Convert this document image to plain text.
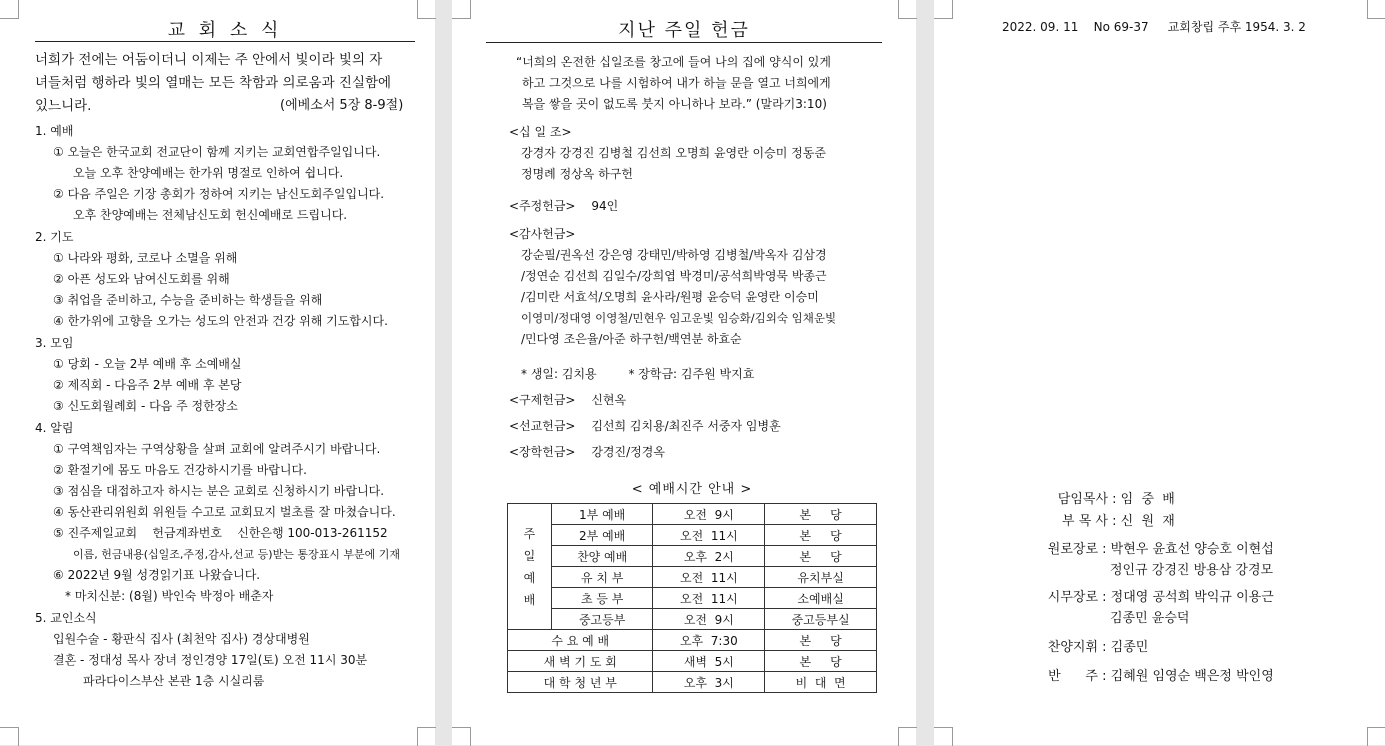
교 회 소 식
너희가 전에는 어둠이더니 이제는 주 안에서 빛이라 빛의 자
녀들처럼 행하라 빛의 열매는 모든 착함과 의로움과 진실함에
있느니라.	(에베소서 5장 8-9절)
1. 예배
① 오늘은 한국교회 전교단이 함께 지키는 교회연합주일입니다.
오늘 오후 찬양예배는 한가위 명절로 인하여 쉽니다.
② 다음 주일은 기장 총회가 정하여 지키는 남신도회주일입니다.
오후 찬양예배는 전체남신도회 헌신예배로 드립니다.
2. 기도
① 나라와 평화, 코로나 소멸을 위해
② 아픈 성도와 남여신도회를 위해
③ 취업을 준비하고, 수능을 준비하는 학생들을 위해
④ 한가위에 고향을 오가는 성도의 안전과 건강 위해 기도합시다.
3. 모임
① 당회 - 오늘 2부 예배 후 소예배실
② 제직회 - 다음주 2부 예배 후 본당
③ 신도회월례회 - 다음 주 정한장소
4. 알림
① 구역책임자는 구역상황을 살펴 교회에 알려주시기 바랍니다.
② 환절기에 몸도 마음도 건강하시기를 바랍니다.
③ 점심을 대접하고자 하시는 분은 교회로 신청하시기 바랍니다.
④ 동산관리위원회 위원들 수고로 교회묘지 벌초를 잘 마쳤습니다.
⑤ 진주제일교회    헌금계좌번호    신한은행 100-013-261152
이름, 헌금내용(십일조,주정,감사,선교 등)받는 통장표시 부분에 기재
⑥ 2022년 9월 성경읽기표 나왔습니다.
* 마치신분: (8월) 박인숙 박정아 배춘자
5. 교인소식
입원수술 - 황판식 집사 (최천악 집사) 경상대병원
결혼 - 정대성 목사 장녀 정인경양 17일(토) 오전 11시 30분
파라다이스부산 본관 1층 시실리룸
지난 주일 헌금
“너희의 온전한 십일조를 창고에 들여 나의 집에 양식이 있게
하고 그것으로 나를 시험하여 내가 하늘 문을 열고 너희에게
복을 쌓을 곳이 없도록 붓지 아니하나 보라.” (말라기3:10)
<십 일 조>
강경자 강경진 김병철 김선희 오명희 윤영란 이승미 정동준
정명례 정상옥 하구헌
<주정헌금> 94인
<감사헌금>
강순필/권옥선 강은영 강태민/박하영 김병철/박옥자 김삼경
/정연순 김선희 김일수/강희엽 박경미/공석희박영묵 박종근
/김미란 서효석/오명희 윤사라/원평 윤승덕 윤영란 이승미
이영미/정대영 이영철/민현우 임고운빛 임승화/김외숙 임채운빛
/민다영 조은율/아준 하구헌/백연분 하효순
* 생일: 김치용	* 장학금: 김주원 박지효
<구제헌금> 신현옥
<선교헌금> 김선희 김치용/최진주 서중자 임병훈
<장학헌금> 강경진/정경옥
< 예배시간 안내 >
주
일
예
배	1부 예배	오전  9시	본     당
	2부 예배	오전  11시	본     당
	찬양 예배	오후  2시	본     당
	유 치 부	오전  11시	유치부실
	초 등 부	오전  11시	소예배실
	중고등부	오전  9시	중고등부실
수 요 예 배		오후  7:30	본     당
새 벽 기 도 회		새벽  5시	본     당
대 학 청 년 부		오후  3시	비  대  면
2022. 09. 11    No 69-37     교회창립 주후 1954. 3. 2
담임목사 : 임  중  배
부 목 사 : 신  원  재
원로장로 : 박현우 윤효선 양승호 이현섭
정인규 강경진 방용삼 강경모
시무장로 : 정대영 공석희 박익규 이용근
김종민 윤승덕
찬양지휘 : 김종민
반      주 : 김혜원 임영순 백은정 박인영
